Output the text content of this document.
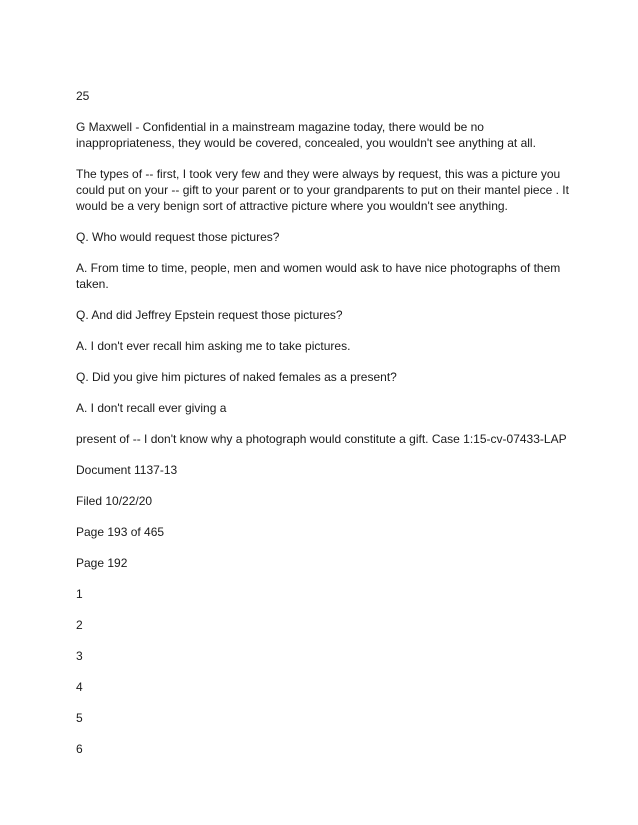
25

G Maxwell - Confidential in a mainstream magazine today, there would be no inappropriateness, they would be covered, concealed, you wouldn't see anything at all.

The types of -- first, I took very few and they were always by request, this was a picture you could put on your -- gift to your parent or to your grandparents to put on their mantel piece . It would be a very benign sort of attractive picture where you wouldn't see anything.

Q. Who would request those pictures?

A. From time to time, people, men and women would ask to have nice photographs of them taken.

Q. And did Jeffrey Epstein request those pictures?

A. I don't ever recall him asking me to take pictures.

Q. Did you give him pictures of naked females as a present?

A. I don't recall ever giving a

present of -- I don't know why a photograph would constitute a gift. Case 1:15-cv-07433-LAP

Document 1137-13

Filed 10/22/20

Page 193 of 465

Page 192

1

2

3

4

5

6
